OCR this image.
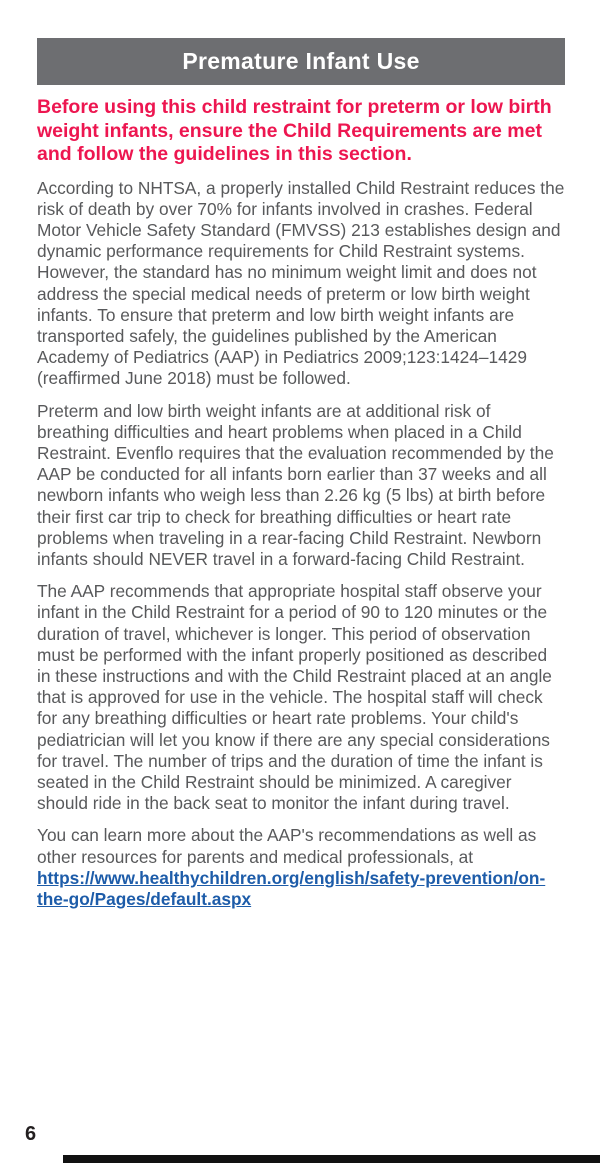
Premature Infant Use

Before using this child restraint for preterm or low birth weight infants, ensure the Child Requirements are met and follow the guidelines in this section.

According to NHTSA, a properly installed Child Restraint reduces the risk of death by over 70% for infants involved in crashes. Federal Motor Vehicle Safety Standard (FMVSS) 213 establishes design and dynamic performance requirements for Child Restraint systems. However, the standard has no minimum weight limit and does not address the special medical needs of preterm or low birth weight infants. To ensure that preterm and low birth weight infants are transported safely, the guidelines published by the American Academy of Pediatrics (AAP) in Pediatrics 2009;123:1424–1429 (reaffirmed June 2018) must be followed.

Preterm and low birth weight infants are at additional risk of breathing difficulties and heart problems when placed in a Child Restraint. Evenflo requires that the evaluation recommended by the AAP be conducted for all infants born earlier than 37 weeks and all newborn infants who weigh less than 2.26 kg (5 lbs) at birth before their first car trip to check for breathing difficulties or heart rate problems when traveling in a rear-facing Child Restraint. Newborn infants should NEVER travel in a forward-facing Child Restraint.

The AAP recommends that appropriate hospital staff observe your infant in the Child Restraint for a period of 90 to 120 minutes or the duration of travel, whichever is longer. This period of observation must be performed with the infant properly positioned as described in these instructions and with the Child Restraint placed at an angle that is approved for use in the vehicle. The hospital staff will check for any breathing difficulties or heart rate problems. Your child's pediatrician will let you know if there are any special considerations for travel. The number of trips and the duration of time the infant is seated in the Child Restraint should be minimized. A caregiver should ride in the back seat to monitor the infant during travel.

You can learn more about the AAP's recommendations as well as other resources for parents and medical professionals, at https://www.healthychildren.org/english/safety-prevention/on-the-go/Pages/default.aspx

6
